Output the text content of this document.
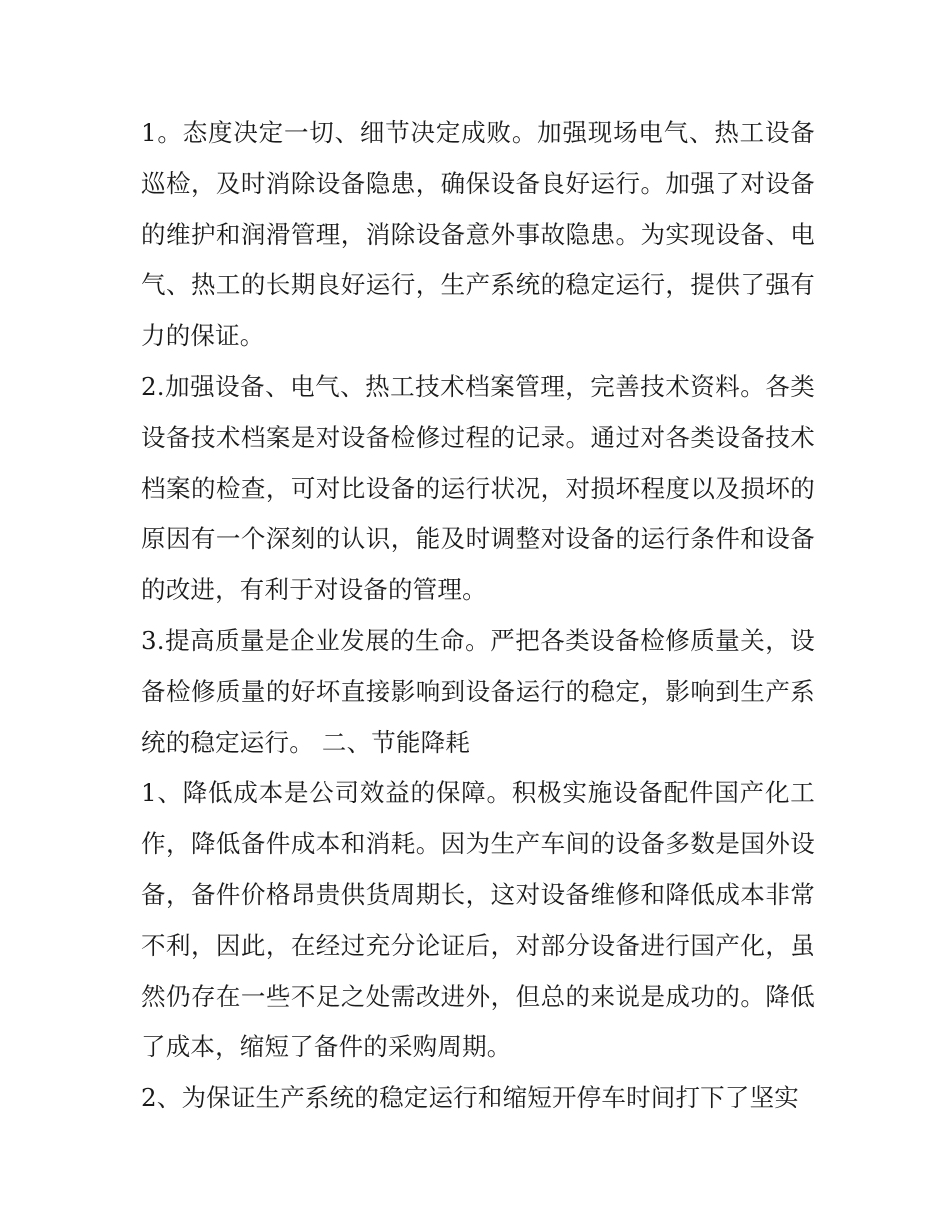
1。态度决定一切、细节决定成败。加强现场电气、热工设备巡检，及时消除设备隐患，确保设备良好运行。加强了对设备的维护和润滑管理，消除设备意外事故隐患。为实现设备、电气、热工的长期良好运行，生产系统的稳定运行，提供了强有力的保证。

2.加强设备、电气、热工技术档案管理，完善技术资料。各类设备技术档案是对设备检修过程的记录。通过对各类设备技术档案的检查，可对比设备的运行状况，对损坏程度以及损坏的原因有一个深刻的认识，能及时调整对设备的运行条件和设备的改进，有利于对设备的管理。

3.提高质量是企业发展的生命。严把各类设备检修质量关，设备检修质量的好坏直接影响到设备运行的稳定，影响到生产系统的稳定运行。 二、节能降耗

1、降低成本是公司效益的保障。积极实施设备配件国产化工作，降低备件成本和消耗。因为生产车间的设备多数是国外设备，备件价格昂贵供货周期长，这对设备维修和降低成本非常不利，因此，在经过充分论证后，对部分设备进行国产化，虽然仍存在一些不足之处需改进外，但总的来说是成功的。降低了成本，缩短了备件的采购周期。

2、为保证生产系统的稳定运行和缩短开停车时间打下了坚实
